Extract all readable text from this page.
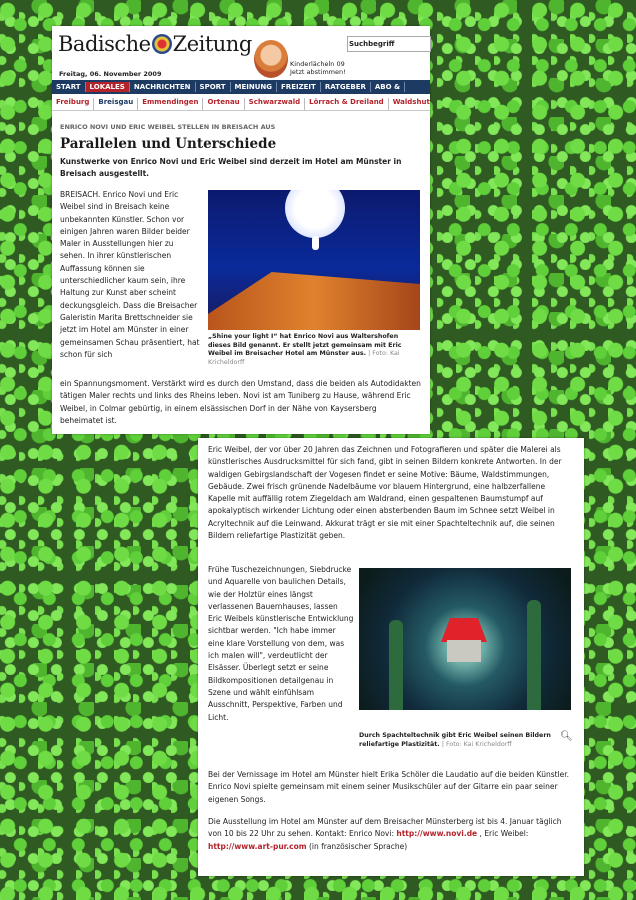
Badische Zeitung
Freitag, 06. November 2009
Kinderlächeln 09
Jetzt abstimmen!
Suchbegriff
START	LOKALES	NACHRICHTEN	SPORT	MEINUNG	FREIZEIT	RATGEBER	ABO &
Freiburg	Breisgau	Emmendingen	Ortenau	Schwarzwald	Lörrach & Dreiland	Waldshut
ENRICO NOVI UND ERIC WEIBEL STELLEN IN BREISACH AUS
Parallelen und Unterschiede
Kunstwerke von Enrico Novi und Eric Weibel sind derzeit im Hotel am Münster in Breisach ausgestellt.

BREISACH. Enrico Novi und Eric Weibel sind in Breisach keine unbekannten Künstler. Schon vor einigen Jahren waren Bilder beider Maler in Ausstellungen hier zu sehen. In ihrer künstlerischen Auffassung können sie unterschiedlicher kaum sein, ihre Haltung zur Kunst aber scheint deckungsgleich. Dass die Breisacher Galeristin Marita Brettschneider sie jetzt im Hotel am Münster in einer gemeinsamen Schau präsentiert, hat schon für sich

„Shine your light I“ hat Enrico Novi aus Waltershofen dieses Bild genannt. Er stellt jetzt gemeinsam mit Eric Weibel im Breisacher Hotel am Münster aus. | Foto: Kai Kricheldorff

ein Spannungsmoment. Verstärkt wird es durch den Umstand, dass die beiden als Autodidakten tätigen Maler rechts und links des Rheins leben. Novi ist am Tuniberg zu Hause, während Eric Weibel, in Colmar gebürtig, in einem elsässischen Dorf in der Nähe von Kaysersberg beheimatet ist.

Eric Weibel, der vor über 20 Jahren das Zeichnen und Fotografieren und später die Malerei als künstlerisches Ausdrucksmittel für sich fand, gibt in seinen Bildern konkrete Antworten. In der waldigen Gebirgslandschaft der Vogesen findet er seine Motive: Bäume, Waldstimmungen, Gebäude. Zwei frisch grünende Nadelbäume vor blauem Hintergrund, eine halbzerfallene Kapelle mit auffällig rotem Ziegeldach am Waldrand, einen gespaltenen Baumstumpf auf apokalyptisch wirkender Lichtung oder einen absterbenden Baum im Schnee setzt Weibel in Acryltechnik auf die Leinwand. Akkurat trägt er sie mit einer Spachteltechnik auf, die seinen Bildern reliefartige Plastizität geben.

Frühe Tuschezeichnungen, Siebdrucke und Aquarelle von baulichen Details, wie der Holztür eines längst verlassenen Bauernhauses, lassen Eric Weibels künstlerische Entwicklung sichtbar werden. "Ich habe immer eine klare Vorstellung von dem, was ich malen will", verdeutlicht der Elsässer. Überlegt setzt er seine Bildkompositionen detailgenau in Szene und wählt einfühlsam Ausschnitt, Perspektive, Farben und Licht.

Durch Spachteltechnik gibt Eric Weibel seinen Bildern reliefartige Plastizität. | Foto: Kai Kricheldorff
🔍︎

Bei der Vernissage im Hotel am Münster hielt Erika Schöler die Laudatio auf die beiden Künstler. Enrico Novi spielte gemeinsam mit einem seiner Musikschüler auf der Gitarre ein paar seiner eigenen Songs.

Die Ausstellung im Hotel am Münster auf dem Breisacher Münsterberg ist bis 4. Januar täglich von 10 bis 22 Uhr zu sehen. Kontakt: Enrico Novi: http://www.novi.de , Eric Weibel: http://www.art-pur.com (in französischer Sprache)
